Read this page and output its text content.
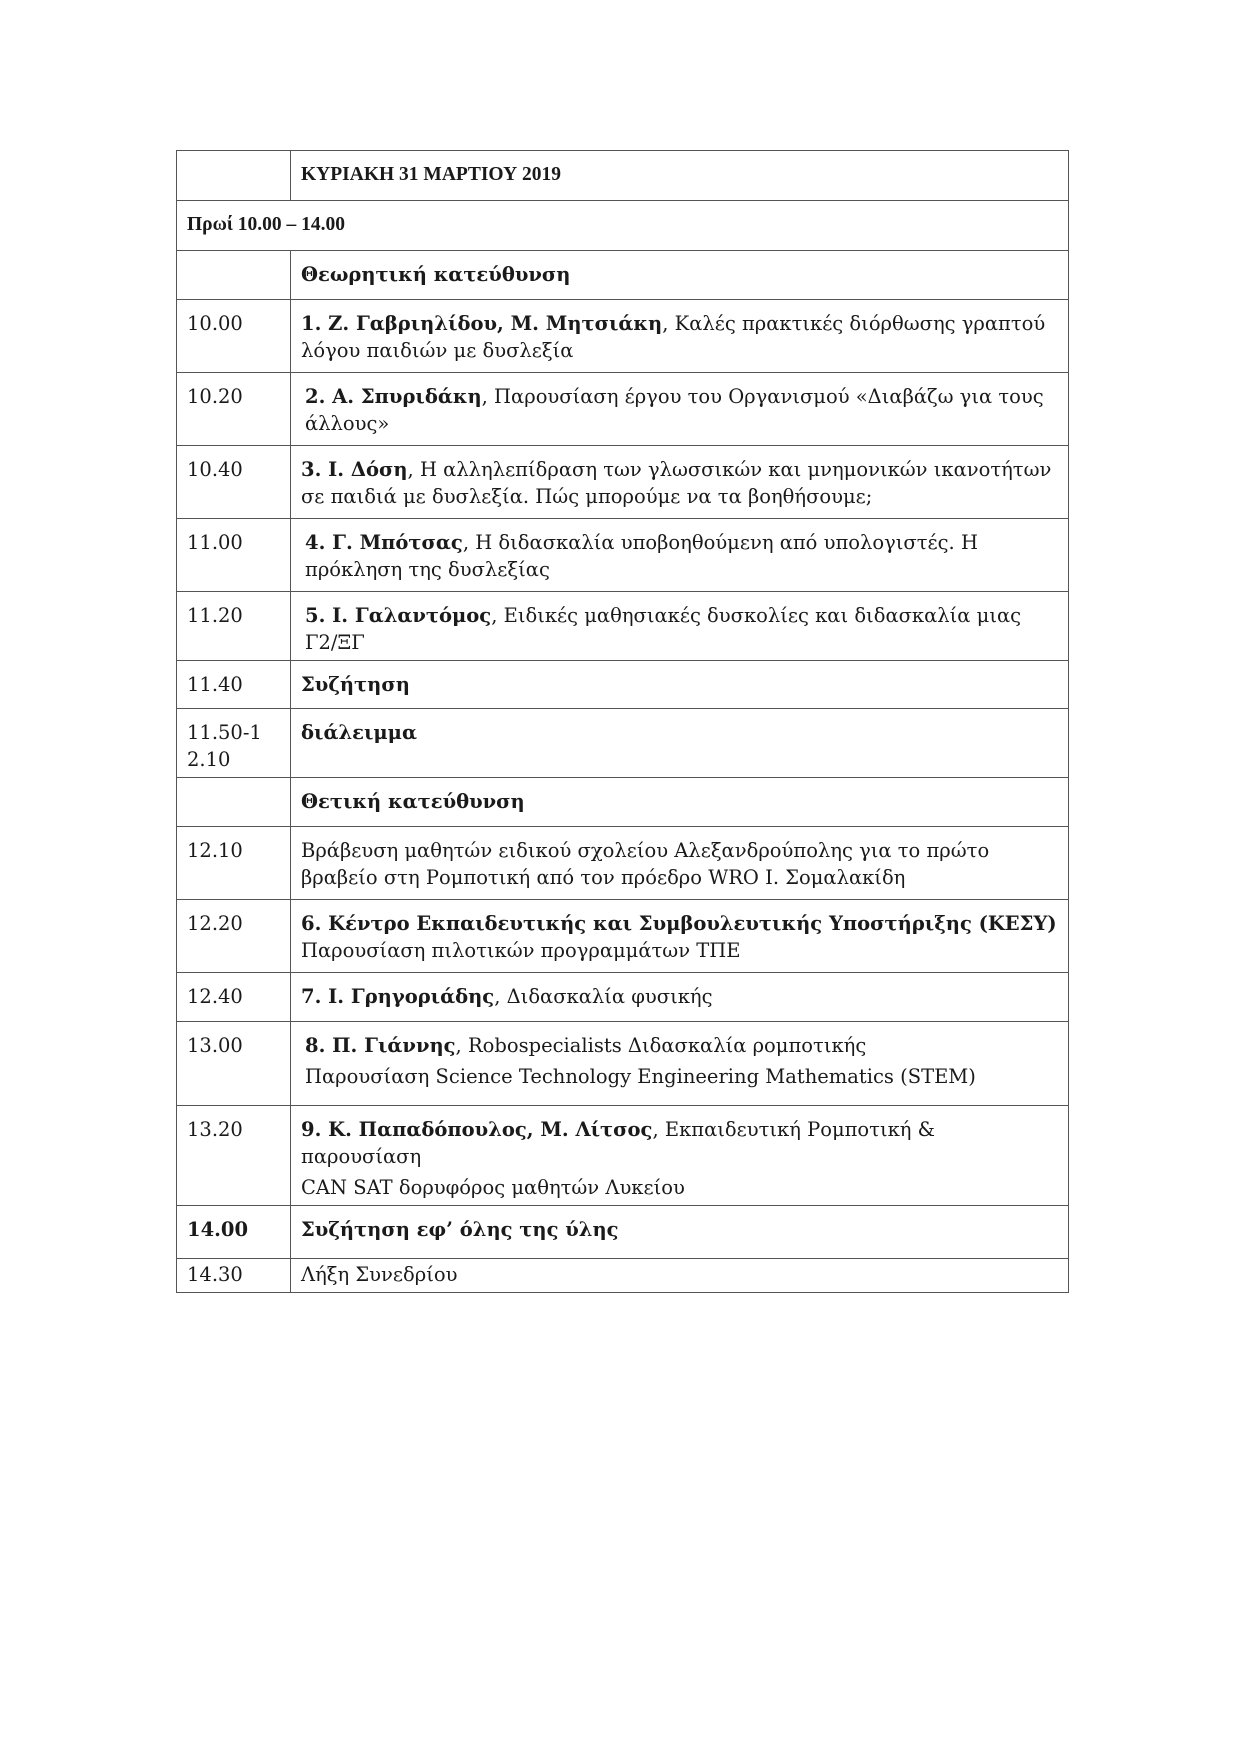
	ΚΥΡΙΑΚΗ 31 ΜΑΡΤΙΟΥ 2019
Πρωί 10.00 – 14.00	
	Θεωρητική κατεύθυνση
10.00	1. Ζ. Γαβριηλίδου, Μ. Μητσιάκη, Καλές πρακτικές διόρθωσης γραπτού λόγου παιδιών με δυσλεξία
10.20	2. Α. Σπυριδάκη, Παρουσίαση έργου του Οργανισμού «Διαβάζω για τους άλλους»

10.40	3. Ι. Δόση, Η αλληλεπίδραση των γλωσσικών και μνημονικών ικανοτήτων σε παιδιά με δυσλεξία. Πώς μπορούμε να τα βοηθήσουμε;
11.00	4. Γ. Μπότσας, Η διδασκαλία υποβοηθούμενη από υπολογιστές. Η πρόκληση της δυσλεξίας

11.20	5. Ι. Γαλαντόμος, Ειδικές μαθησιακές δυσκολίες και διδασκαλία μιας Γ2/ΞΓ

11.40	Συζήτηση
11.50-12.10	διάλειμμα
	Θετική κατεύθυνση
12.10	Βράβευση μαθητών ειδικού σχολείου Αλεξανδρούπολης για το πρώτο βραβείο στη Ρομποτική από τον πρόεδρο WRO Ι. Σομαλακίδη
12.20	6. Κέντρο Εκπαιδευτικής και Συμβουλευτικής Υποστήριξης (ΚΕΣΥ)
Παρουσίαση πιλοτικών προγραμμάτων ΤΠΕ
12.40	7. Ι. Γρηγοριάδης, Διδασκαλία φυσικής
13.00	8. Π. Γιάννης, Robospecialists Διδασκαλία ρομποτικής
Παρουσίαση Science Technology Engineering Mathematics (STEM)

13.20	9. Κ. Παπαδόπουλος, Μ. Λίτσος, Εκπαιδευτική Ρομποτική & παρουσίαση
CAN SAT δορυφόρος μαθητών Λυκείου

14.00	Συζήτηση εφ’ όλης της ύλης
14.30	Λήξη Συνεδρίου
